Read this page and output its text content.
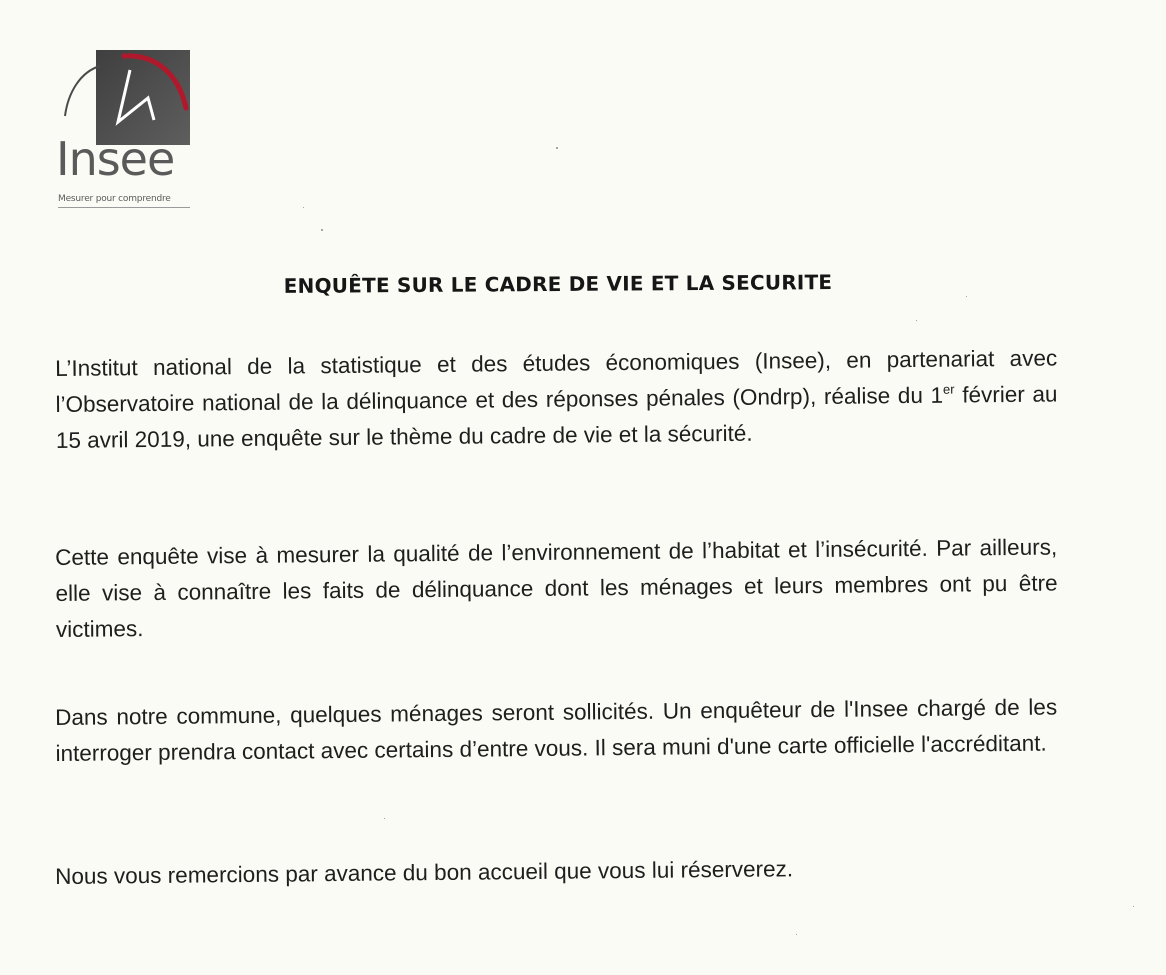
Insee
Mesurer pour comprendre
ENQUÊTE SUR LE CADRE DE VIE ET LA SECURITE
L’Institut national de la statistique et des études économiques (Insee), en partenariat avec l’Observatoire national de la délinquance et des réponses pénales (Ondrp), réalise du 1er février au 15 avril 2019, une enquête sur le thème du cadre de vie et la sécurité.
Cette enquête vise à mesurer la qualité de l’environnement de l’habitat et l’insécurité. Par ailleurs, elle vise à connaître les faits de délinquance dont les ménages et leurs membres ont pu être victimes.
Dans notre commune, quelques ménages seront sollicités. Un enquêteur de l'Insee chargé de les interroger prendra contact avec certains d’entre vous. Il sera muni d'une carte officielle l'accréditant.
Nous vous remercions par avance du bon accueil que vous lui réserverez.
